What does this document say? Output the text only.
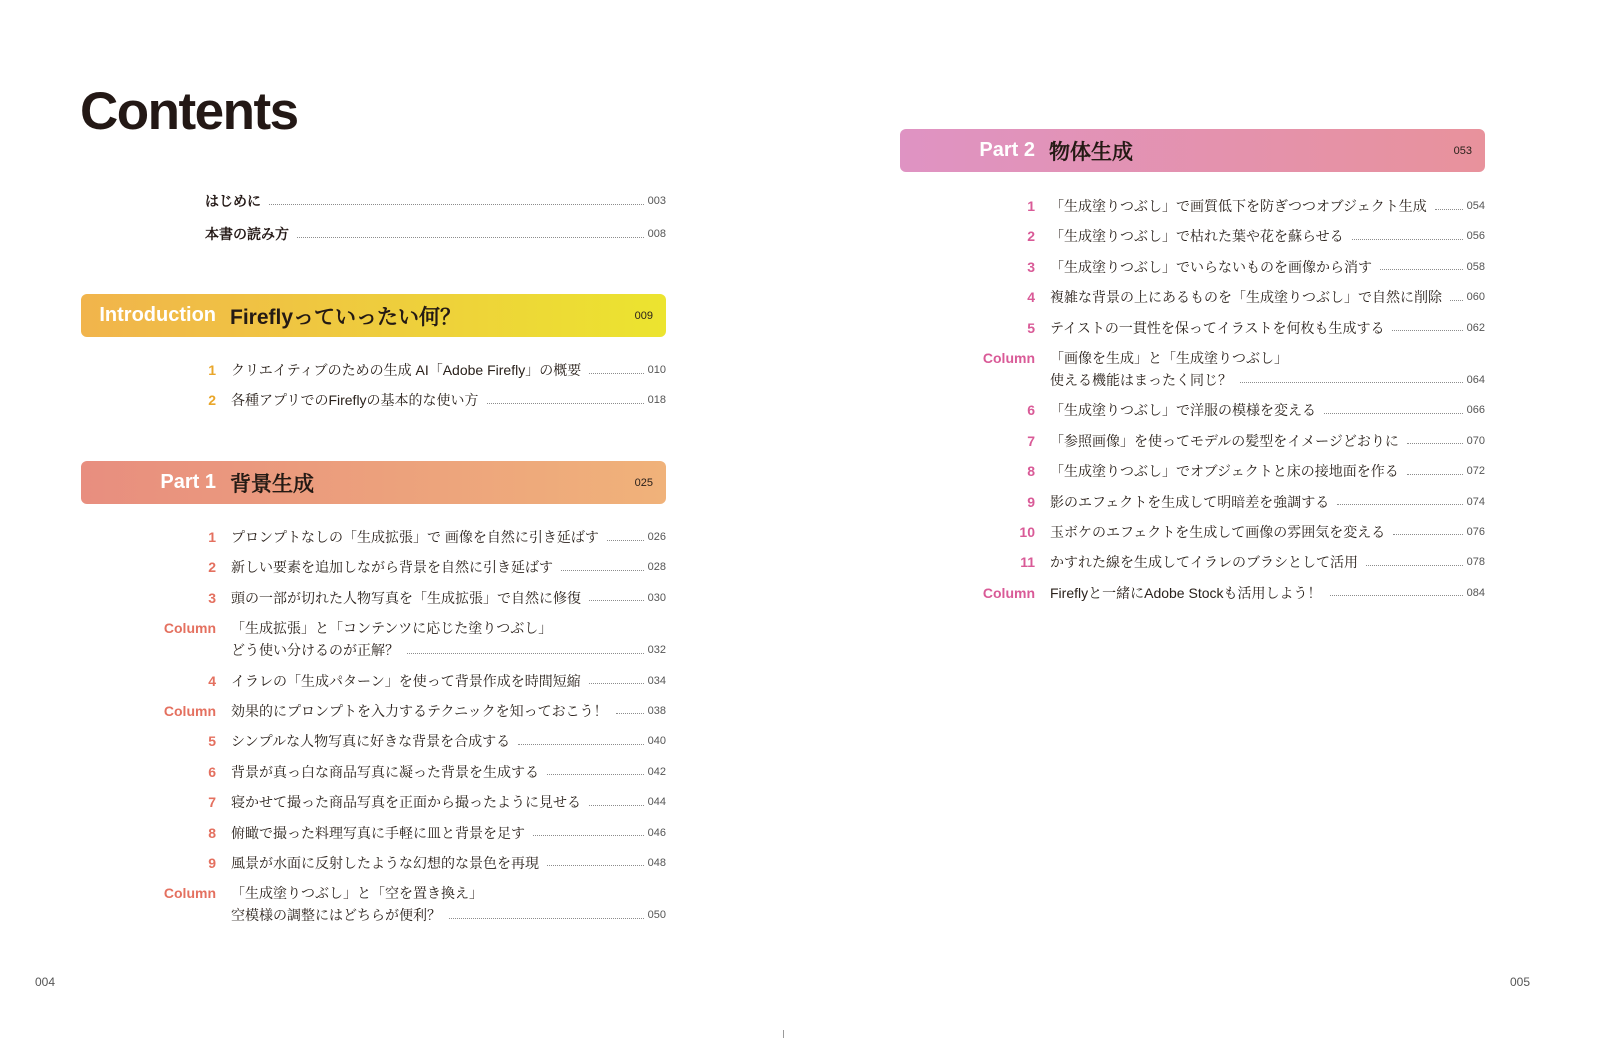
Contents
はじめに	003
本書の読み方	008
Introduction Fireflyっていったい何？	009
1 クリエイティブのための生成 AI「Adobe Firefly」の概要	010
2 各種アプリでのFireflyの基本的な使い方	018
Part 1 背景生成	025
1 プロンプトなしの「生成拡張」で 画像を自然に引き延ばす	026
2 新しい要素を追加しながら背景を自然に引き延ばす	028
3 頭の一部が切れた人物写真を「生成拡張」で自然に修復	030
Column 「生成拡張」と「コンテンツに応じた塗りつぶし」
どう使い分けるのが正解？	032
4 イラレの「生成パターン」を使って背景作成を時間短縮	034
Column 効果的にプロンプトを入力するテクニックを知っておこう！	038
5 シンプルな人物写真に好きな背景を合成する	040
6 背景が真っ白な商品写真に凝った背景を生成する	042
7 寝かせて撮った商品写真を正面から撮ったように見せる	044
8 俯瞰で撮った料理写真に手軽に皿と背景を足す	046
9 風景が水面に反射したような幻想的な景色を再現	048
Column 「生成塗りつぶし」と「空を置き換え」
空模様の調整にはどちらが便利？	050
004
Part 2 物体生成	053
1 「生成塗りつぶし」で画質低下を防ぎつつオブジェクト生成	054
2 「生成塗りつぶし」で枯れた葉や花を蘇らせる	056
3 「生成塗りつぶし」でいらないものを画像から消す	058
4 複雑な背景の上にあるものを「生成塗りつぶし」で自然に削除 060
5 テイストの一貫性を保ってイラストを何枚も生成する	062
Column 「画像を生成」と「生成塗りつぶし」
使える機能はまったく同じ？	064
6 「生成塗りつぶし」で洋服の模様を変える	066
7 「参照画像」を使ってモデルの髪型をイメージどおりに	070
8 「生成塗りつぶし」でオブジェクトと床の接地面を作る	072
9 影のエフェクトを生成して明暗差を強調する	074
10 玉ボケのエフェクトを生成して画像の雰囲気を変える	076
11 かすれた線を生成してイラレのブラシとして活用	078
Column Fireflyと一緒にAdobe Stockも活用しよう！	084
005
